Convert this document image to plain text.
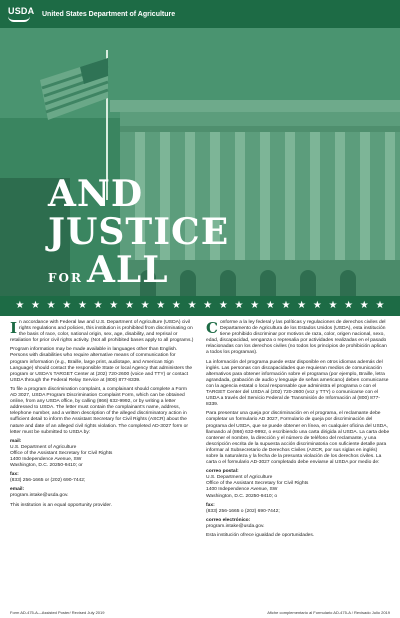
USDA United States Department of Agriculture
AND
JUSTICE
FOR ALL
★ ★ ★ ★ ★ ★ ★ ★ ★ ★ ★ ★ ★ ★ ★ ★ ★ ★ ★ ★ ★ ★ ★ ★

In accordance with Federal law and U.S. Department of Agriculture (USDA) civil rights regulations and policies, this institution is prohibited from discriminating on the basis of race, color, national origin, sex, age, disability, and reprisal or retaliation for prior civil rights activity. (Not all prohibited bases apply to all programs.)

Program information may be made available in languages other than English. Persons with disabilities who require alternative means of communication for program information (e.g., Braille, large print, audiotape, and American Sign Language) should contact the responsible State or local Agency that administers the program or USDA's TARGET Center at (202) 720-2600 (voice and TTY) or contact USDA through the Federal Relay Service at (800) 877-8339.

To file a program discrimination complaint, a complainant should complete a Form AD 3027, USDA Program Discrimination Complaint Form, which can be obtained online, from any USDA office, by calling (866) 632-9992, or by writing a letter addressed to USDA. The letter must contain the complainant's name, address, telephone number, and a written description of the alleged discriminatory action in sufficient detail to inform the Assistant Secretary for Civil Rights (ASCR) about the nature and date of an alleged civil rights violation. The completed AD-3027 form or letter must be submitted to USDA by:

mail:
U.S. Department of Agriculture
Office of the Assistant Secretary for Civil Rights
1400 Independence Avenue, SW
Washington, D.C. 20250-9410; or
fax:
(833) 256-1665 or (202) 690-7442;
email:
program.intake@usda.gov.

This institution is an equal opportunity provider.

Conforme a la ley federal y las políticas y regulaciones de derechos civiles del Departamento de Agricultura de los Estados Unidos (USDA), esta institución tiene prohibido discriminar por motivos de raza, color, origen nacional, sexo, edad, discapacidad, venganza o represalia por actividades realizadas en el pasado relacionadas con los derechos civiles (no todos los principios de prohibición aplican a todos los programas).

La información del programa puede estar disponible en otros idiomas además del inglés. Las personas con discapacidades que requieran medios de comunicación alternativos para obtener información sobre el programa (por ejemplo, Braille, letra agrandada, grabación de audio y lenguaje de señas americano) deben comunicarse con la agencia estatal o local responsable que administra el programa o con el TARGET Center del USDA al (202) 720-2600 (voz y TTY) o comunicarse con el USDA a través del Servicio Federal de Transmisión de Información al (800) 877-8339.

Para presentar una queja por discriminación en el programa, el reclamante debe completar un formulario AD 3027, Formulario de queja por discriminación del programa del USDA, que se puede obtener en línea, en cualquier oficina del USDA, llamando al (866) 632-9992, o escribiendo una carta dirigida al USDA. La carta debe contener el nombre, la dirección y el número de teléfono del reclamante, y una descripción escrita de la supuesta acción discriminatoria con suficiente detalle para informar al Subsecretario de Derechos Civiles (ASCR, por sus siglas en inglés) sobre la naturaleza y la fecha de la presunta violación de los derechos civiles. La carta o el formulario AD-3027 completado debe enviarse al USDA por medio de:

correo postal:
U.S. Department of Agriculture
Office of the Assistant Secretary for Civil Rights
1400 Independence Avenue, SW
Washington, D.C. 20250-9410; o
fax:
(833) 256-1665 o (202) 690-7442;
correo electrónico:
program.intake@usda.gov.

Esta institución ofrece igualdad de oportunidades.

Form AD-475-A—Assisted Poster/ Revised July 2019	Afiche complementario al Formulario AD-475-A / Revisado Julio 2019
